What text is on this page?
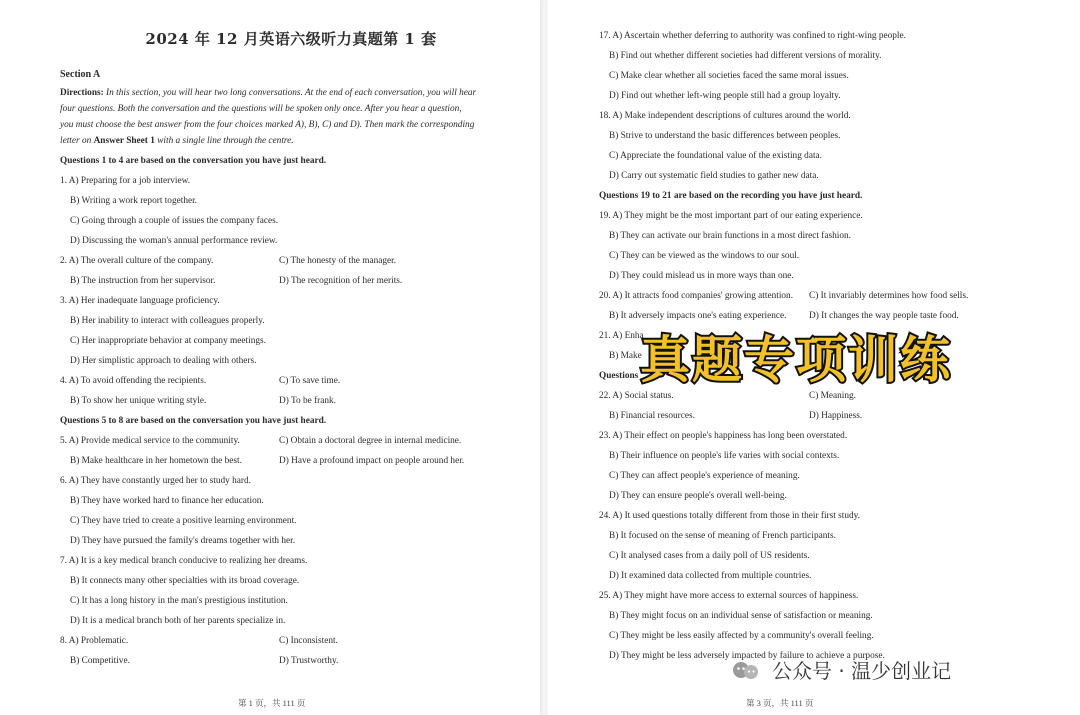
2024 年 12 月英语六级听力真题第 1 套
Section A
Directions: In this section, you will hear two long conversations. At the end of each conversation, you will hear
four questions. Both the conversation and the questions will be spoken only once. After you hear a question,
you must choose the best answer from the four choices marked A), B), C) and D). Then mark the corresponding
letter on Answer Sheet 1 with a single line through the centre.
Questions 1 to 4 are based on the conversation you have just heard.
1. A) Preparing for a job interview.
B) Writing a work report together.
C) Going through a couple of issues the company faces.
D) Discussing the woman's annual performance review.
2. A) The overall culture of the company.	C) The honesty of the manager.
B) The instruction from her supervisor.	D) The recognition of her merits.
3. A) Her inadequate language proficiency.
B) Her inability to interact with colleagues properly.
C) Her inappropriate behavior at company meetings.
D) Her simplistic approach to dealing with others.
4. A) To avoid offending the recipients.	C) To save time.
B) To show her unique writing style.	D) To be frank.
Questions 5 to 8 are based on the conversation you have just heard.
5. A) Provide medical service to the community.	C) Obtain a doctoral degree in internal medicine.
B) Make healthcare in her hometown the best.	D) Have a profound impact on people around her.
6. A) They have constantly urged her to study hard.
B) They have worked hard to finance her education.
C) They have tried to create a positive learning environment.
D) They have pursued the family's dreams together with her.
7. A) It is a key medical branch conducive to realizing her dreams.
B) It connects many other specialties with its broad coverage.
C) It has a long history in the man's prestigious institution.
D) It is a medical branch both of her parents specialize in.
8. A) Problematic.	C) Inconsistent.
B) Competitive.	D) Trustworthy.
第 1 页，共 111 页
17. A) Ascertain whether deferring to authority was confined to right-wing people.
B) Find out whether different societies had different versions of morality.
C) Make clear whether all societies faced the same moral issues.
D) Find out whether left-wing people still had a group loyalty.
18. A) Make independent descriptions of cultures around the world.
B) Strive to understand the basic differences between peoples.
C) Appreciate the foundational value of the existing data.
D) Carry out systematic field studies to gather new data.
Questions 19 to 21 are based on the recording you have just heard.
19. A) They might be the most important part of our eating experience.
B) They can activate our brain functions in a most direct fashion.
C) They can be viewed as the windows to our soul.
D) They could mislead us in more ways than one.
20. A) It attracts food companies' growing attention. C) It invariably determines how food sells.
B) It adversely impacts one's eating experience. D) It changes the way people taste food.
21. A) Enha
B) Make
Questions
22. A) Social status.	C) Meaning.
B) Financial resources.	D) Happiness.
23. A) Their effect on people's happiness has long been overstated.
B) Their influence on people's life varies with social contexts.
C) They can affect people's experience of meaning.
D) They can ensure people's overall well-being.
24. A) It used questions totally different from those in their first study.
B) It focused on the sense of meaning of French participants.
C) It analysed cases from a daily poll of US residents.
D) It examined data collected from multiple countries.
25. A) They might have more access to external sources of happiness.
B) They might focus on an individual sense of satisfaction or meaning.
C) They might be less easily affected by a community's overall feeling.
D) They might be less adversely impacted by failure to achieve a purpose.
第 3 页，共 111 页
真题专项训练
公众号 · 温少创业记
